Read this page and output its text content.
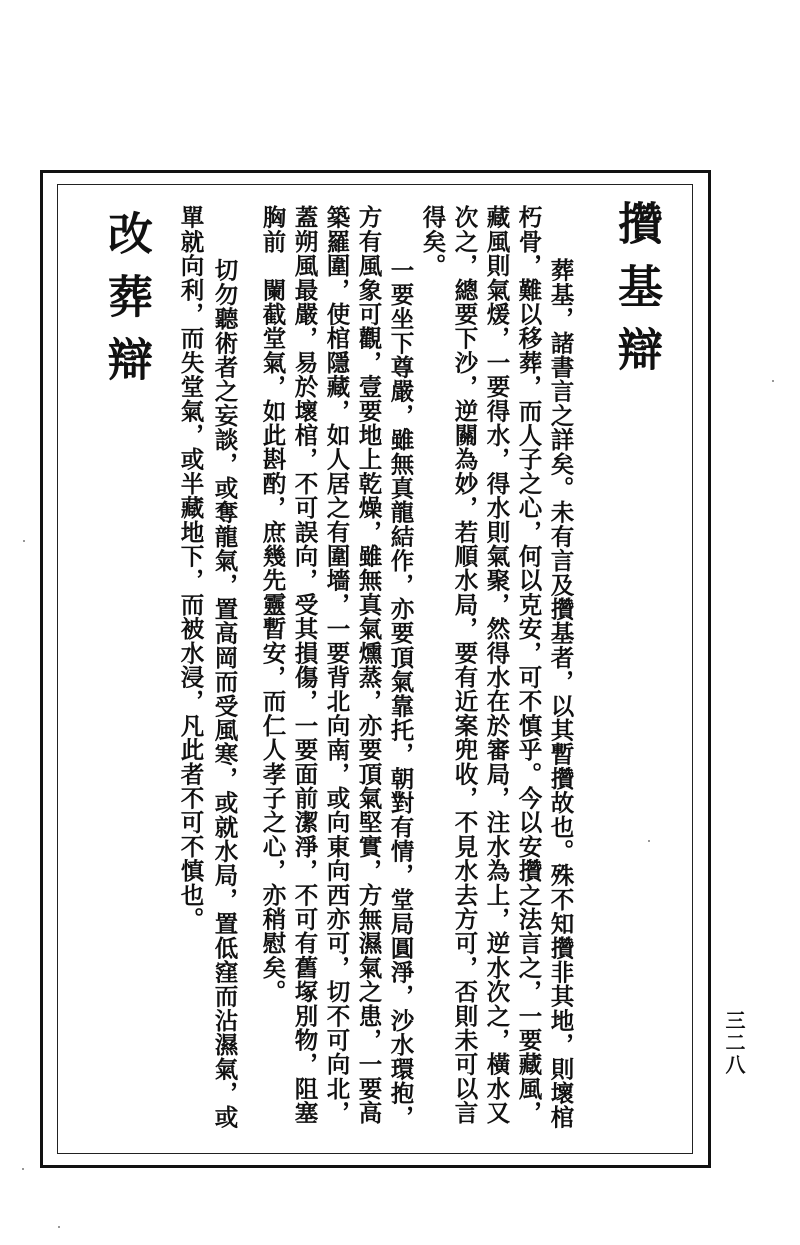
攢基辯
葬基，諸書言之詳矣。未有言及攢基者，以其暫攢故也。殊不知攢非其地，則壞棺
朽骨，難以移葬，而人子之心，何以克安，可不慎乎。今以安攢之法言之，一要藏風，
藏風則氣煖，一要得水，得水則氣聚，然得水在於審局，注水為上，逆水次之，橫水又
次之，總要下沙，逆關為妙，若順水局，要有近案兜收，不見水去方可，否則未可以言
得矣。
一要坐下尊嚴，雖無真龍結作，亦要頂氣靠托，朝對有情，堂局圓淨，沙水環抱，
方有風象可觀，壹要地上乾燥，雖無真氣燻蒸，亦要頂氣堅實，方無濕氣之患，一要高
築羅圍，使棺隱藏，如人居之有圍墻，一要背北向南，或向東向西亦可，切不可向北，
蓋朔風最嚴，易於壞棺，不可誤向，受其損傷，一要面前潔淨，不可有舊塚別物，阻塞
胸前　闌截堂氣，如此斟酌，庶幾先靈暫安，而仁人孝子之心，亦稍慰矣。
切勿聽術者之妄談，或奪龍氣，置高岡而受風寒，或就水局，置低窪而沾濕氣，或
單就向利，而失堂氣，或半藏地下，而被水浸，凡此者不可不慎也。
改葬辯
三二八
